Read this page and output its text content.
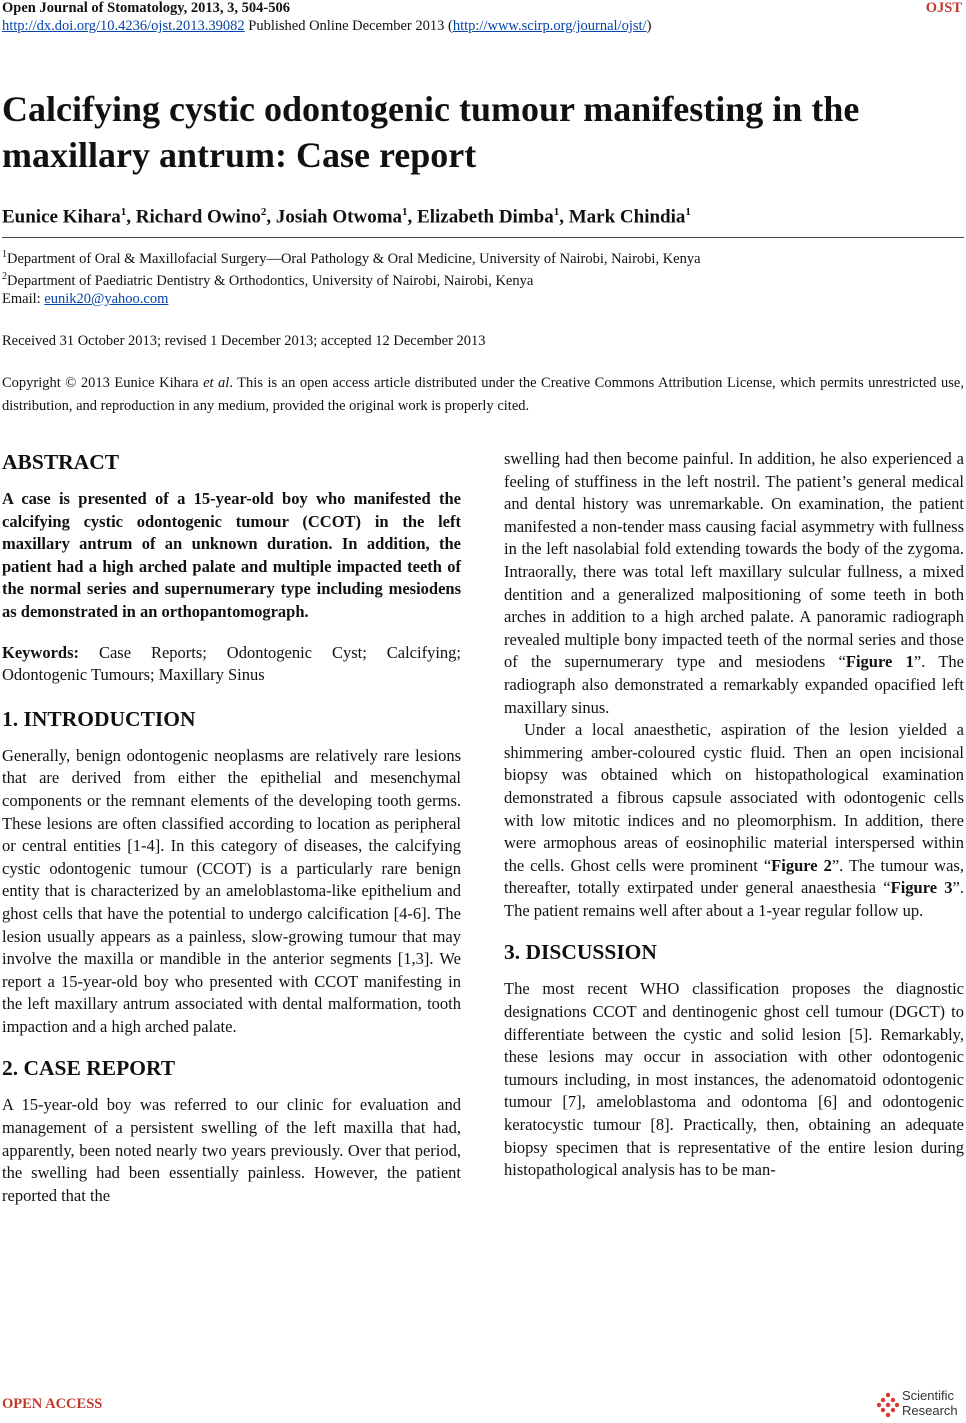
Open Journal of Stomatology, 2013, 3, 504-506	OJST
http://dx.doi.org/10.4236/ojst.2013.39082 Published Online December 2013 (http://www.scirp.org/journal/ojst/)
Calcifying cystic odontogenic tumour manifesting in the maxillary antrum: Case report
Eunice Kihara$^1$, Richard Owino$^2$, Josiah Otwoma$^1$, Elizabeth Dimba$^1$, Mark Chindia$^1$
$^1$Department of Oral & Maxillofacial Surgery—Oral Pathology & Oral Medicine, University of Nairobi, Nairobi, Kenya
$^2$Department of Paediatric Dentistry & Orthodontics, University of Nairobi, Nairobi, Kenya
Email: eunik20@yahoo.com
Received 31 October 2013; revised 1 December 2013; accepted 12 December 2013
Copyright © 2013 Eunice Kihara et al. This is an open access article distributed under the Creative Commons Attribution License, which permits unrestricted use, distribution, and reproduction in any medium, provided the original work is properly cited.
ABSTRACT

A case is presented of a 15-year-old boy who manifested the calcifying cystic odontogenic tumour (CCOT) in the left maxillary antrum of an unknown duration. In addition, the patient had a high arched palate and multiple impacted teeth of the normal series and supernumerary type including mesiodens as demonstrated in an orthopantomograph.

Keywords: Case Reports; Odontogenic Cyst; Calcifying; Odontogenic Tumours; Maxillary Sinus

1. INTRODUCTION

Generally, benign odontogenic neoplasms are relatively rare lesions that are derived from either the epithelial and mesenchymal components or the remnant elements of the developing tooth germs. These lesions are often classified according to location as peripheral or central entities [1-4]. In this category of diseases, the calcifying cystic odontogenic tumour (CCOT) is a particularly rare benign entity that is characterized by an ameloblastoma-like epithelium and ghost cells that have the potential to undergo calcification [4-6]. The lesion usually appears as a painless, slow-growing tumour that may involve the maxilla or mandible in the anterior segments [1,3]. We report a 15-year-old boy who presented with CCOT manifesting in the left maxillary antrum associated with dental malformation, tooth impaction and a high arched palate.

2. CASE REPORT

A 15-year-old boy was referred to our clinic for evaluation and management of a persistent swelling of the left maxilla that had, apparently, been noted nearly two years previously. Over that period, the swelling had been essentially painless. However, the patient reported that the

swelling had then become painful. In addition, he also experienced a feeling of stuffiness in the left nostril. The patient’s general medical and dental history was unremarkable. On examination, the patient manifested a non-tender mass causing facial asymmetry with fullness in the left nasolabial fold extending towards the body of the zygoma. Intraorally, there was total left maxillary sulcular fullness, a mixed dentition and a generalized malpositioning of some teeth in both arches in addition to a high arched palate. A panoramic radiograph revealed multiple bony impacted teeth of the normal series and those of the supernumerary type and mesiodens “Figure 1”. The radiograph also demonstrated a remarkably expanded opacified left maxillary sinus.

Under a local anaesthetic, aspiration of the lesion yielded a shimmering amber-coloured cystic fluid. Then an open incisional biopsy was obtained which on histopathological examination demonstrated a fibrous capsule associated with odontogenic cells with low mitotic indices and no pleomorphism. In addition, there were armophous areas of eosinophilic material interspersed within the cells. Ghost cells were prominent “Figure 2”. The tumour was, thereafter, totally extirpated under general anaesthesia “Figure 3”. The patient remains well after about a 1-year regular follow up.

3. DISCUSSION

The most recent WHO classification proposes the diagnostic designations CCOT and dentinogenic ghost cell tumour (DGCT) to differentiate between the cystic and solid lesion [5]. Remarkably, these lesions may occur in association with other odontogenic tumours including, in most instances, the adenomatoid odontogenic tumour [7], ameloblastoma and odontoma [6] and odontogenic keratocystic tumour [8]. Practically, then, obtaining an adequate biopsy specimen that is representative of the entire lesion during histopathological analysis has to be man-

OPEN ACCESS
Scientific
Research
